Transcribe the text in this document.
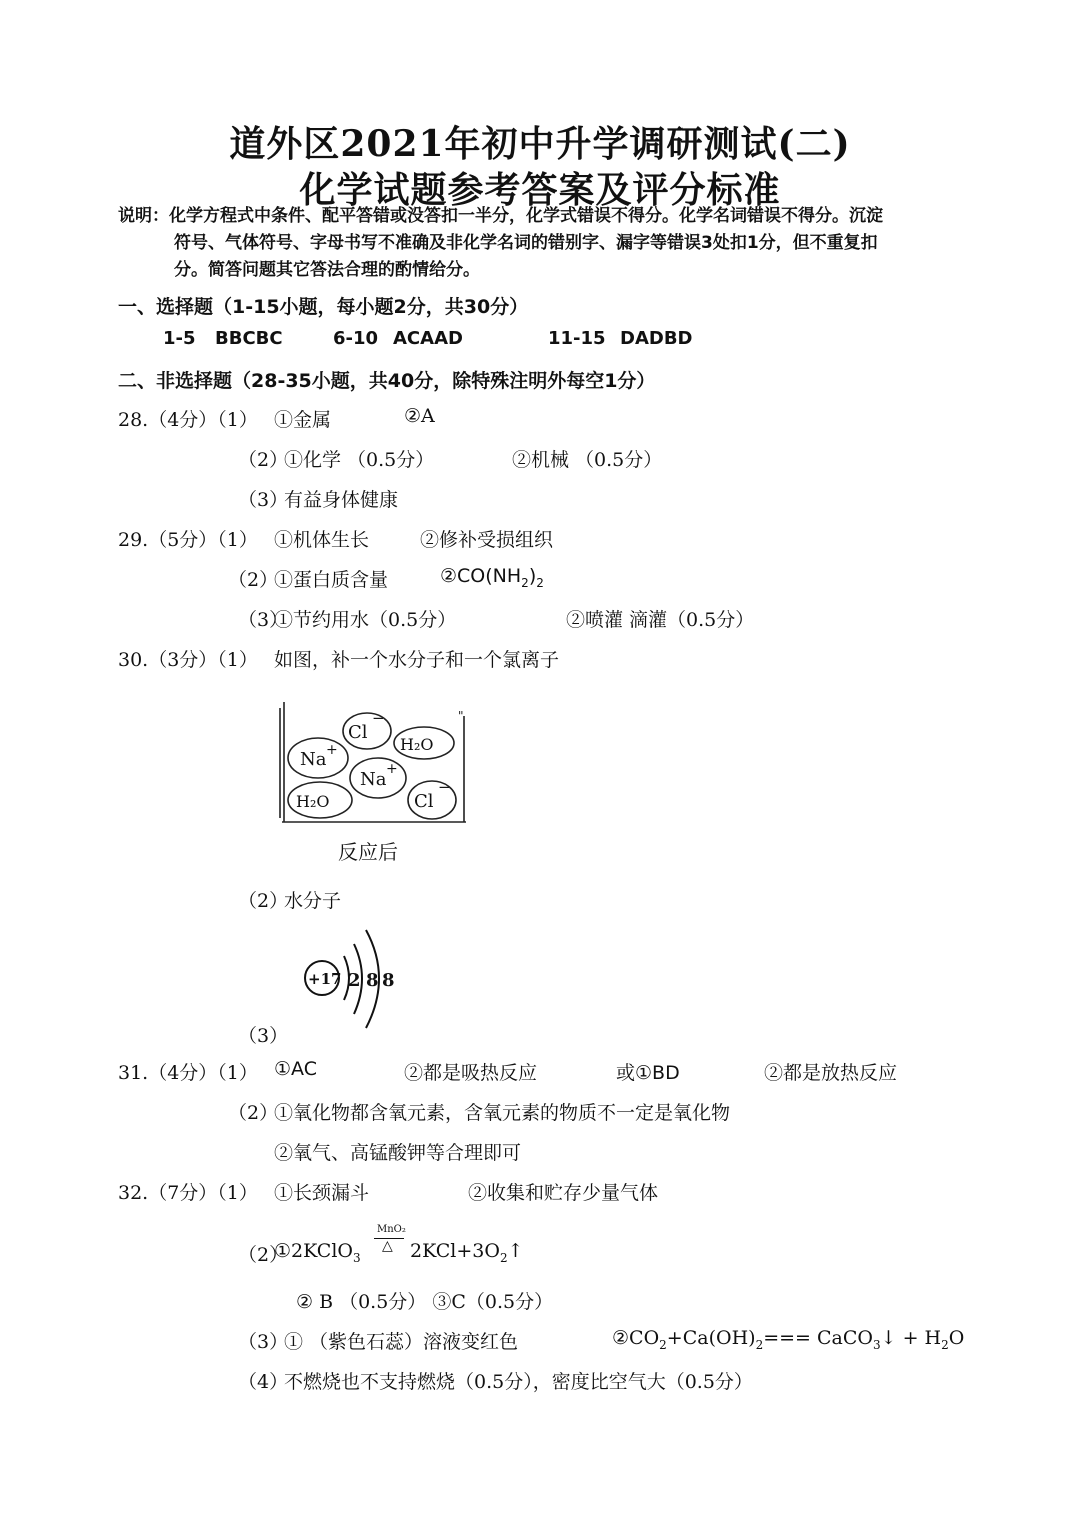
道外区2021年初中升学调研测试(二)
化学试题参考答案及评分标准
说明：化学方程式中条件、配平答错或没答扣一半分，化学式错误不得分。化学名词错误不得分。沉淀
符号、气体符号、字母书写不准确及非化学名词的错别字、漏字等错误3处扣1分，但不重复扣
分。简答问题其它答法合理的酌情给分。
一、选择题（1-15小题，每小题2分，共30分）
1-5 BBCBC	6-10 ACAAD	11-15 DADBD
二、非选择题（28-35小题，共40分，除特殊注明外每空1分）
28.（4分）（1） ①金属	②A
（2）
①化学 （0.5分）	②机械 （0.5分）
（3）
有益身体健康
29.（5分）（1） ①机体生长	②修补受损组织
（2）
①蛋白质含量	$②CO(NH_2)_2$
（3）
①节约用水（0.5分）	②喷灌 滴灌（0.5分）
30.（3分）（1） 如图，补一个水分子和一个氯离子
Cl
−
H₂O
Na +
Na +
H₂O	Cl
−
"
反应后
（2）
水分子
+17 2 8 8
（3）
31.（4分）（1） ①AC	②都是吸热反应	或①BD	②都是放热反应
（2）
①氧化物都含氧元素，含氧元素的物质不一定是氧化物
②氧气、高锰酸钾等合理即可
32.（7分）（1） ①长颈漏斗	②收集和贮存少量气体
（2）
①2KClO$_3$
MnO₂
△ $2KCl+3O_2↑$
② B （0.5分） ③C（0.5分）
（3）
① （紫色石蕊）溶液变红色	$②CO_2+Ca(OH)_2===$ CaCO$_3$↓ + $H_2O$
（4）
不燃烧也不支持燃烧（0.5分），密度比空气大（0.5分）
